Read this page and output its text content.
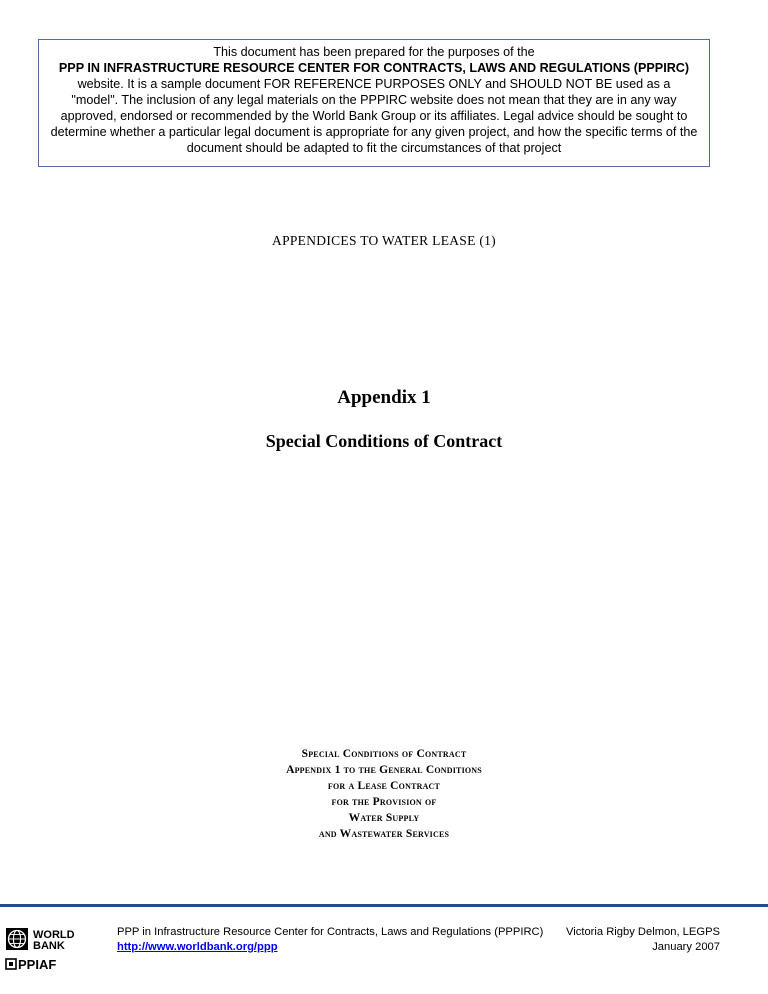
This document has been prepared for the purposes of the
PPP IN INFRASTRUCTURE RESOURCE CENTER FOR CONTRACTS, LAWS AND REGULATIONS (PPPIRC)
website. It is a sample document FOR REFERENCE PURPOSES ONLY and SHOULD NOT BE used as a
"model". The inclusion of any legal materials on the PPPIRC website does not mean that they are in any way
approved, endorsed or recommended by the World Bank Group or its affiliates. Legal advice should be sought to
determine whether a particular legal document is appropriate for any given project, and how the specific terms of the
document should be adapted to fit the circumstances of that project
APPENDICES TO WATER LEASE (1)
Appendix 1
Special Conditions of Contract
Special Conditions of Contract
Appendix 1 to the General Conditions
for a Lease Contract
for the Provision of
Water Supply
and Wastewater Services
WORLD
BANK
PPIAF
PPP in Infrastructure Resource Center for Contracts, Laws and Regulations (PPPIRC)
http://www.worldbank.org/ppp
Victoria Rigby Delmon, LEGPS
January 2007
